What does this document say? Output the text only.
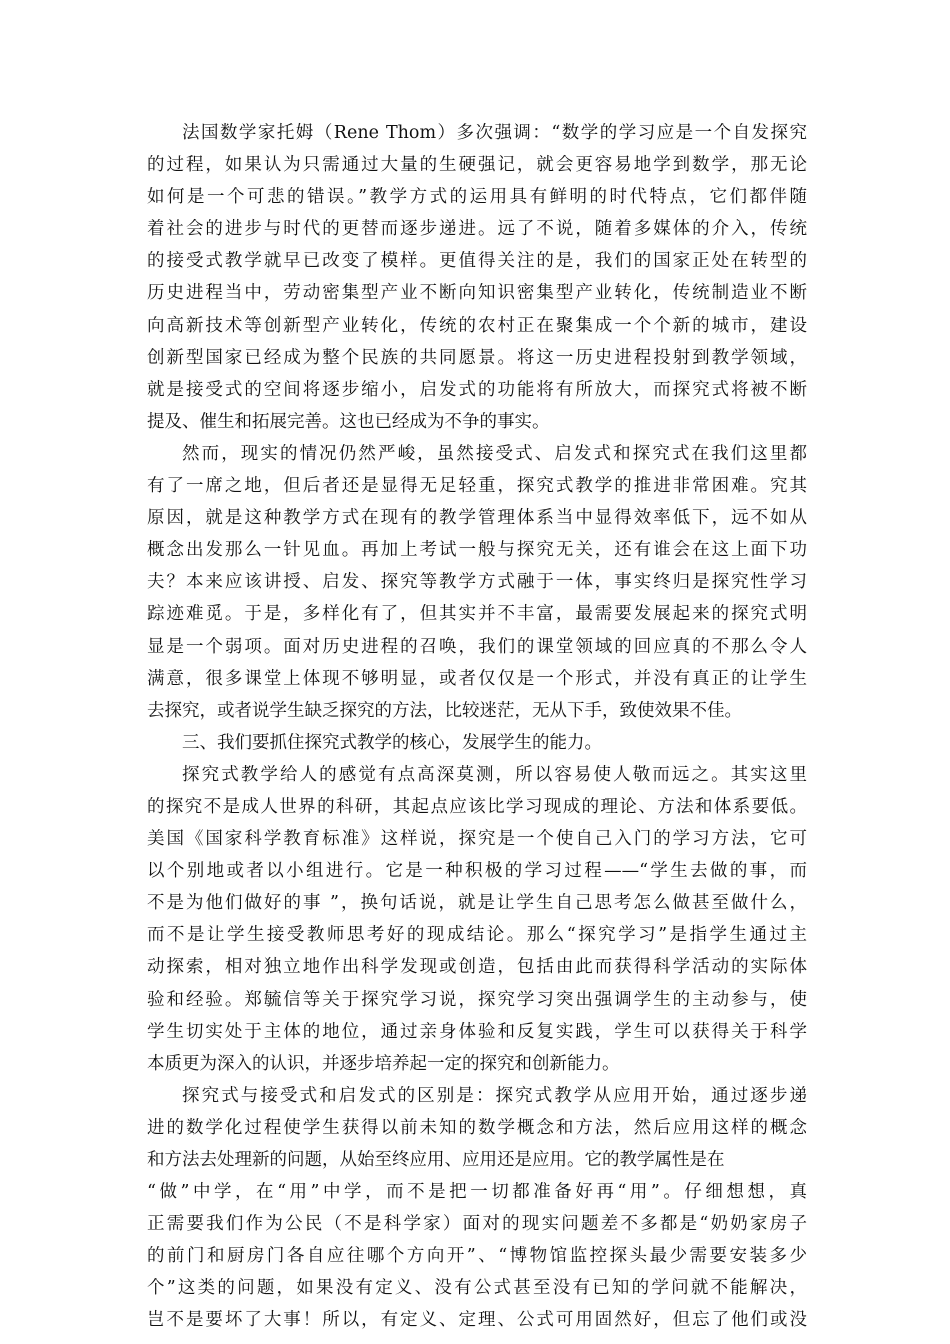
法国数学家托姆（Rene Thom）多次强调：“数学的学习应是一个自发探究
的过程，如果认为只需通过大量的生硬强记，就会更容易地学到数学，那无论
如何是一个可悲的错误。”教学方式的运用具有鲜明的时代特点，它们都伴随
着社会的进步与时代的更替而逐步递进。远了不说，随着多媒体的介入，传统
的接受式教学就早已改变了模样。更值得关注的是，我们的国家正处在转型的
历史进程当中，劳动密集型产业不断向知识密集型产业转化，传统制造业不断
向高新技术等创新型产业转化，传统的农村正在聚集成一个个新的城市，建设
创新型国家已经成为整个民族的共同愿景。将这一历史进程投射到教学领域，
就是接受式的空间将逐步缩小，启发式的功能将有所放大，而探究式将被不断
提及、催生和拓展完善。这也已经成为不争的事实。
然而，现实的情况仍然严峻，虽然接受式、启发式和探究式在我们这里都
有了一席之地，但后者还是显得无足轻重，探究式教学的推进非常困难。究其
原因，就是这种教学方式在现有的教学管理体系当中显得效率低下，远不如从
概念出发那么一针见血。再加上考试一般与探究无关，还有谁会在这上面下功
夫？本来应该讲授、启发、探究等教学方式融于一体，事实终归是探究性学习
踪迹难觅。于是，多样化有了，但其实并不丰富，最需要发展起来的探究式明
显是一个弱项。面对历史进程的召唤，我们的课堂领域的回应真的不那么令人
满意，很多课堂上体现不够明显，或者仅仅是一个形式，并没有真正的让学生
去探究，或者说学生缺乏探究的方法，比较迷茫，无从下手，致使效果不佳。
三、我们要抓住探究式教学的核心，发展学生的能力。
探究式教学给人的感觉有点高深莫测，所以容易使人敬而远之。其实这里
的探究不是成人世界的科研，其起点应该比学习现成的理论、方法和体系要低。
美国《国家科学教育标准》这样说，探究是一个使自己入门的学习方法，它可
以个别地或者以小组进行。它是一种积极的学习过程——“学生去做的事，而
不是为他们做好的事 ”，换句话说，就是让学生自己思考怎么做甚至做什么，
而不是让学生接受教师思考好的现成结论。那么“探究学习”是指学生通过主
动探索，相对独立地作出科学发现或创造，包括由此而获得科学活动的实际体
验和经验。郑毓信等关于探究学习说，探究学习突出强调学生的主动参与，使
学生切实处于主体的地位，通过亲身体验和反复实践，学生可以获得关于科学
本质更为深入的认识，并逐步培养起一定的探究和创新能力。
探究式与接受式和启发式的区别是：探究式教学从应用开始，通过逐步递
进的数学化过程使学生获得以前未知的数学概念和方法，然后应用这样的概念
和方法去处理新的问题，从始至终应用、应用还是应用。它的教学属性是在
“做”中学，在“用”中学，而不是把一切都准备好再“用”。仔细想想，真
正需要我们作为公民（不是科学家）面对的现实问题差不多都是“奶奶家房子
的前门和厨房门各自应往哪个方向开”、“博物馆监控探头最少需要安装多少
个”这类的问题，如果没有定义、没有公式甚至没有已知的学问就不能解决，
岂不是要坏了大事！所以，有定义、定理、公式可用固然好，但忘了他们或没
